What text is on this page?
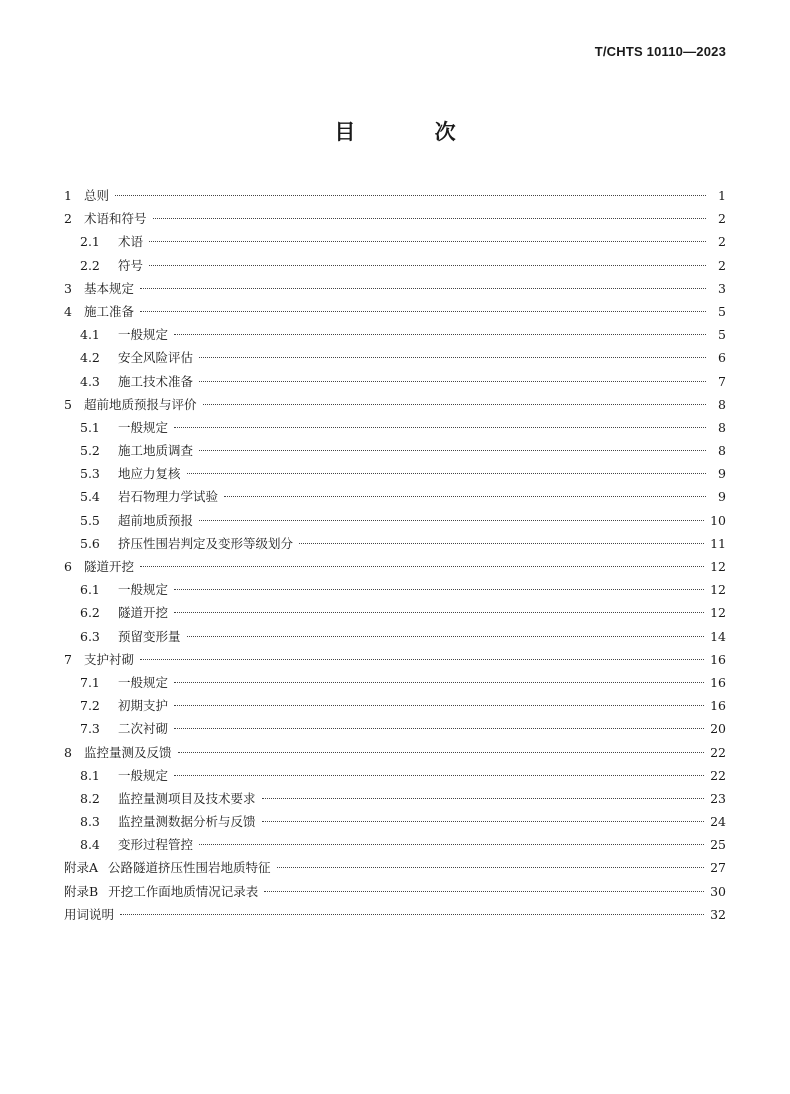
T/CHTS 10110—2023
目 次
1 总则	1
2 术语和符号	2
2.1	术语	2
2.2	符号	2
3 基本规定	3
4 施工准备	5
4.1	一般规定	5
4.2	安全风险评估	6
4.3	施工技术准备	7
5 超前地质预报与评价	8
5.1	一般规定	8
5.2	施工地质调查	8
5.3	地应力复核	9
5.4	岩石物理力学试验	9
5.5	超前地质预报	10
5.6	挤压性围岩判定及变形等级划分	11
6 隧道开挖	12
6.1	一般规定	12
6.2	隧道开挖	12
6.3	预留变形量	14
7 支护衬砌	16
7.1	一般规定	16
7.2	初期支护	16
7.3	二次衬砌	20
8 监控量测及反馈	22
8.1	一般规定	22
8.2	监控量测项目及技术要求	23
8.3	监控量测数据分析与反馈	24
8.4	变形过程管控	25
附录A 公路隧道挤压性围岩地质特征	27
附录B 开挖工作面地质情况记录表	30
用词说明	32
